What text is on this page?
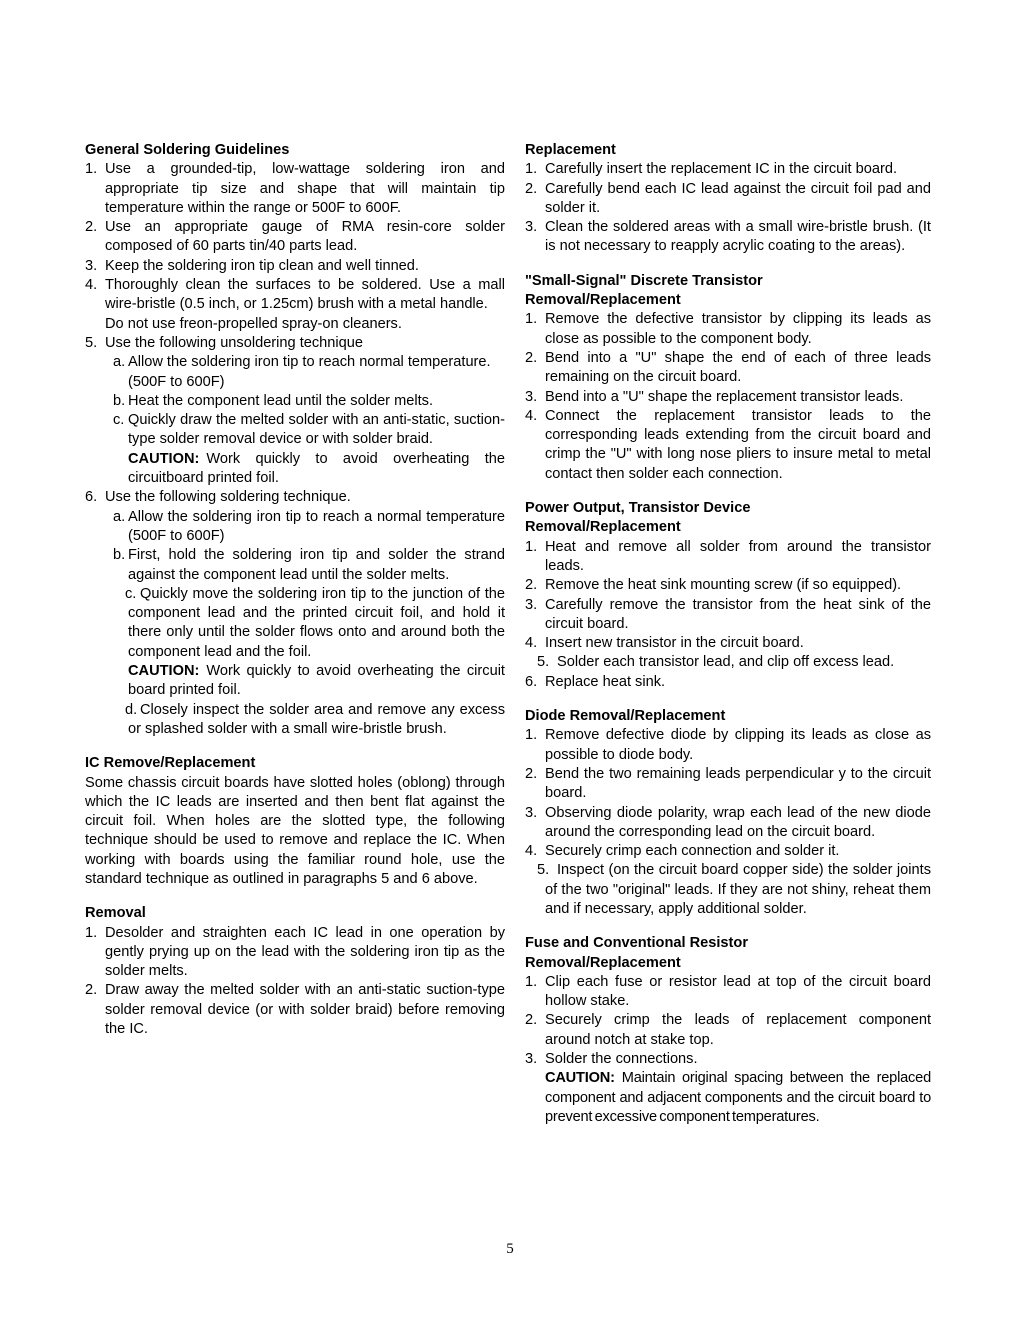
General Soldering Guidelines

1. Use a grounded-tip, low-wattage soldering iron and appropriate tip size and shape that will maintain tip temperature within the range or 500F to 600F.

2. Use an appropriate gauge of RMA resin-core solder composed of 60 parts tin/40 parts lead.

3. Keep the soldering iron tip clean and well tinned.

4. Thoroughly clean the surfaces to be soldered. Use a mall wire-bristle (0.5 inch, or 1.25cm) brush with a metal handle.

Do not use freon-propelled spray-on cleaners.

5. Use the following unsoldering technique

a. Allow the soldering iron tip to reach normal temperature.

(500F to 600F)

b. Heat the component lead until the solder melts.

c. Quickly draw the melted solder with an anti-static, suction-type solder removal device or with solder braid.

CAUTION: Work quickly to avoid overheating the circuitboard printed foil.

6. Use the following soldering technique.

a. Allow the soldering iron tip to reach a normal temperature (500F to 600F)

b. First, hold the soldering iron tip and solder the strand against the component lead until the solder melts.

c. Quickly move the soldering iron tip to the junction of the component lead and the printed circuit foil, and hold it there only until the solder flows onto and around both the component lead and the foil.

CAUTION: Work quickly to avoid overheating the circuit board printed foil.

d. Closely inspect the solder area and remove any excess or splashed solder with a small wire-bristle brush.

IC Remove/Replacement

Some chassis circuit boards have slotted holes (oblong) through which the IC leads are inserted and then bent flat against the circuit foil. When holes are the slotted type, the following technique should be used to remove and replace the IC. When working with boards using the familiar round hole, use the standard technique as outlined in paragraphs 5 and 6 above.

Removal

1. Desolder and straighten each IC lead in one operation by gently prying up on the lead with the soldering iron tip as the solder melts.

2. Draw away the melted solder with an anti-static suction-type solder removal device (or with solder braid) before removing the IC.

Replacement

1. Carefully insert the replacement IC in the circuit board.

2. Carefully bend each IC lead against the circuit foil pad and solder it.

3. Clean the soldered areas with a small wire-bristle brush. (It is not necessary to reapply acrylic coating to the areas).

"Small-Signal" Discrete Transistor
Removal/Replacement

1. Remove the defective transistor by clipping its leads as close as possible to the component body.

2. Bend into a "U" shape the end of each of three leads remaining on the circuit board.

3. Bend into a "U" shape the replacement transistor leads.

4. Connect the replacement transistor leads to the corresponding leads extending from the circuit board and crimp the "U" with long nose pliers to insure metal to metal contact then solder each connection.

Power Output, Transistor Device
Removal/Replacement

1. Heat and remove all solder from around the transistor leads.

2. Remove the heat sink mounting screw (if so equipped).

3. Carefully remove the transistor from the heat sink of the circuit board.

4. Insert new transistor in the circuit board.

5. Solder each transistor lead, and clip off excess lead.

6. Replace heat sink.

Diode Removal/Replacement

1. Remove defective diode by clipping its leads as close as possible to diode body.

2. Bend the two remaining leads perpendicular y to the circuit board.

3. Observing diode polarity, wrap each lead of the new diode around the corresponding lead on the circuit board.

4. Securely crimp each connection and solder it.

5. Inspect (on the circuit board copper side) the solder joints of the two "original" leads. If they are not shiny, reheat them and if necessary, apply additional solder.

Fuse and Conventional Resistor
Removal/Replacement

1. Clip each fuse or resistor lead at top of the circuit board hollow stake.

2. Securely crimp the leads of replacement component around notch at stake top.

3. Solder the connections.

CAUTION: Maintain original spacing between the replaced component and adjacent components and the circuit board to prevent excessive component temperatures.

5
